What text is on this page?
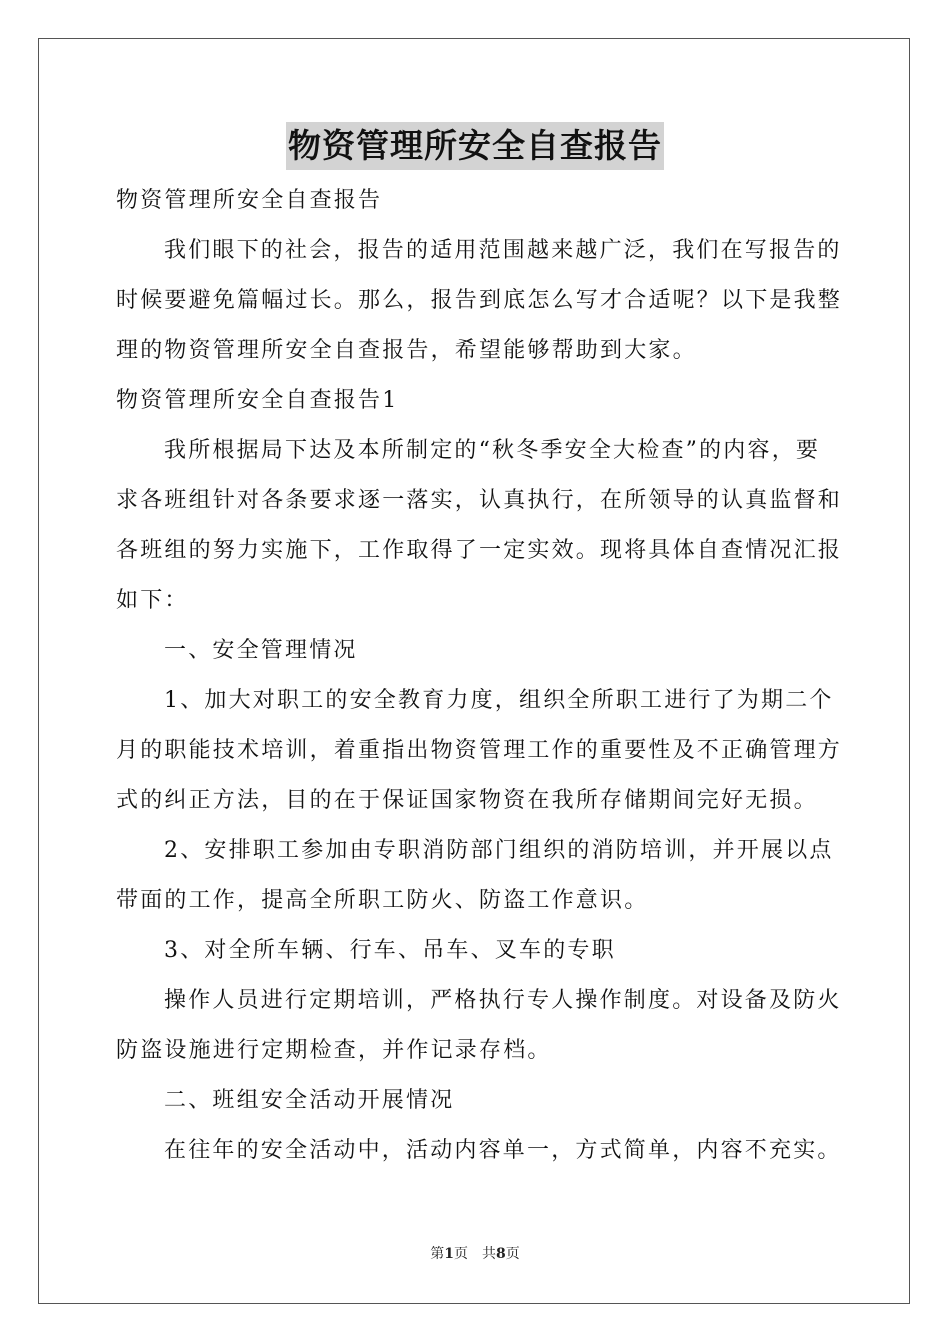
物资管理所安全自查报告
物资管理所安全自查报告
我们眼下的社会，报告的适用范围越来越广泛，我们在写报告的
时候要避免篇幅过长。那么，报告到底怎么写才合适呢？以下是我整
理的物资管理所安全自查报告，希望能够帮助到大家。
物资管理所安全自查报告1
我所根据局下达及本所制定的“秋冬季安全大检查”的内容，要
求各班组针对各条要求逐一落实，认真执行，在所领导的认真监督和
各班组的努力实施下，工作取得了一定实效。现将具体自查情况汇报
如下：
一、安全管理情况
1、加大对职工的安全教育力度，组织全所职工进行了为期二个
月的职能技术培训，着重指出物资管理工作的重要性及不正确管理方
式的纠正方法，目的在于保证国家物资在我所存储期间完好无损。
2、安排职工参加由专职消防部门组织的消防培训，并开展以点
带面的工作，提高全所职工防火、防盗工作意识。
3、对全所车辆、行车、吊车、叉车的专职
操作人员进行定期培训，严格执行专人操作制度。对设备及防火
防盗设施进行定期检查，并作记录存档。
二、班组安全活动开展情况
在往年的安全活动中，活动内容单一，方式简单，内容不充实。
第1页　共8页
